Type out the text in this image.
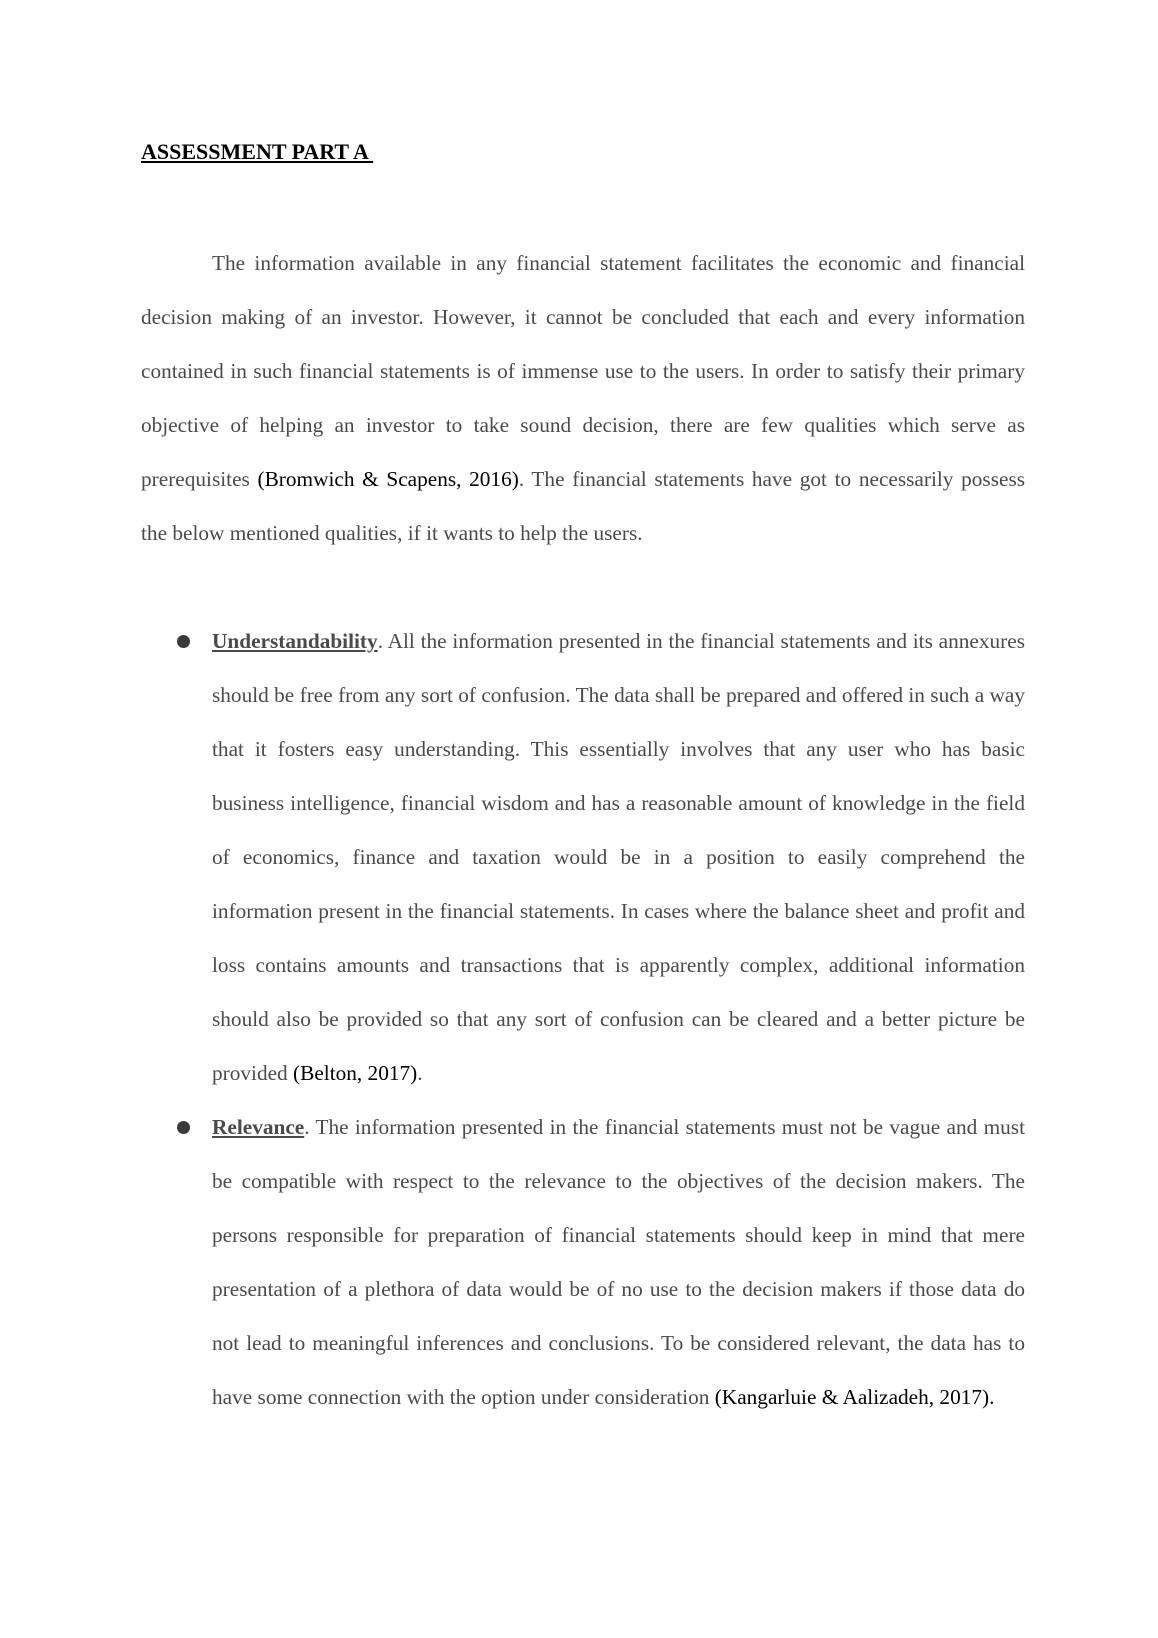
ASSESSMENT PART A

The information available in any financial statement facilitates the economic and financial decision making of an investor. However, it cannot be concluded that each and every information contained in such financial statements is of immense use to the users. In order to satisfy their primary objective of helping an investor to take sound decision, there are few qualities which serve as prerequisites (Bromwich & Scapens, 2016). The financial statements have got to necessarily possess the below mentioned qualities, if it wants to help the users.

Understandability. All the information presented in the financial statements and its annexures should be free from any sort of confusion. The data shall be prepared and offered in such a way that it fosters easy understanding. This essentially involves that any user who has basic business intelligence, financial wisdom and has a reasonable amount of knowledge in the field of economics, finance and taxation would be in a position to easily comprehend the information present in the financial statements. In cases where the balance sheet and profit and loss contains amounts and transactions that is apparently complex, additional information should also be provided so that any sort of confusion can be cleared and a better picture be provided (Belton, 2017).

Relevance. The information presented in the financial statements must not be vague and must be compatible with respect to the relevance to the objectives of the decision makers. The persons responsible for preparation of financial statements should keep in mind that mere presentation of a plethora of data would be of no use to the decision makers if those data do not lead to meaningful inferences and conclusions. To be considered relevant, the data has to have some connection with the option under consideration (Kangarluie & Aalizadeh, 2017).
